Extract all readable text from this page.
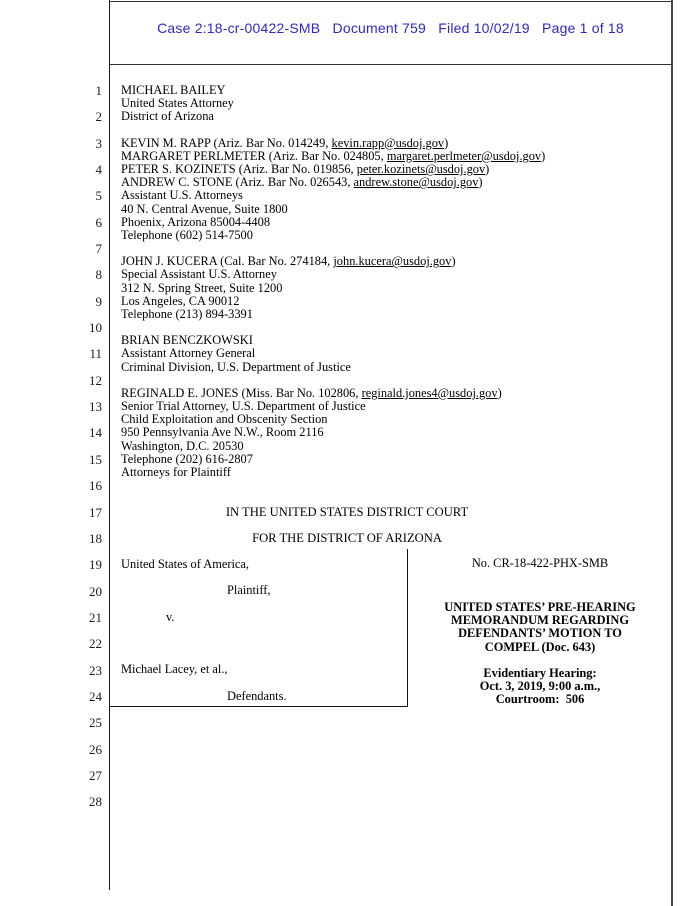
Case 2:18-cr-00422-SMB   Document 759   Filed 10/02/19   Page 1 of 18
1
2
3
4
5
6
7
8
9
10
11
12
13
14
15
16
17
18
19
20
21
22
23
24
25
26
27
28
MICHAEL BAILEY
United States Attorney
District of Arizona
KEVIN M. RAPP (Ariz. Bar No. 014249, kevin.rapp@usdoj.gov)
MARGARET PERLMETER (Ariz. Bar No. 024805, margaret.perlmeter@usdoj.gov)
PETER S. KOZINETS (Ariz. Bar No. 019856, peter.kozinets@usdoj.gov)
ANDREW C. STONE (Ariz. Bar No. 026543, andrew.stone@usdoj.gov)
Assistant U.S. Attorneys
40 N. Central Avenue, Suite 1800
Phoenix, Arizona 85004-4408
Telephone (602) 514-7500
JOHN J. KUCERA (Cal. Bar No. 274184, john.kucera@usdoj.gov)
Special Assistant U.S. Attorney
312 N. Spring Street, Suite 1200
Los Angeles, CA 90012
Telephone (213) 894-3391
BRIAN BENCZKOWSKI
Assistant Attorney General
Criminal Division, U.S. Department of Justice
REGINALD E. JONES (Miss. Bar No. 102806, reginald.jones4@usdoj.gov)
Senior Trial Attorney, U.S. Department of Justice
Child Exploitation and Obscenity Section
950 Pennsylvania Ave N.W., Room 2116
Washington, D.C. 20530
Telephone (202) 616-2807
Attorneys for Plaintiff
IN THE UNITED STATES DISTRICT COURT
FOR THE DISTRICT OF ARIZONA
United States of America,
Plaintiff,
v.
Michael Lacey, et al.,
Defendants.
No. CR-18-422-PHX-SMB
UNITED STATES’ PRE-HEARING
MEMORANDUM REGARDING
DEFENDANTS’ MOTION TO
COMPEL (Doc. 643)
Evidentiary Hearing:
Oct. 3, 2019, 9:00 a.m.,
Courtroom:  506
